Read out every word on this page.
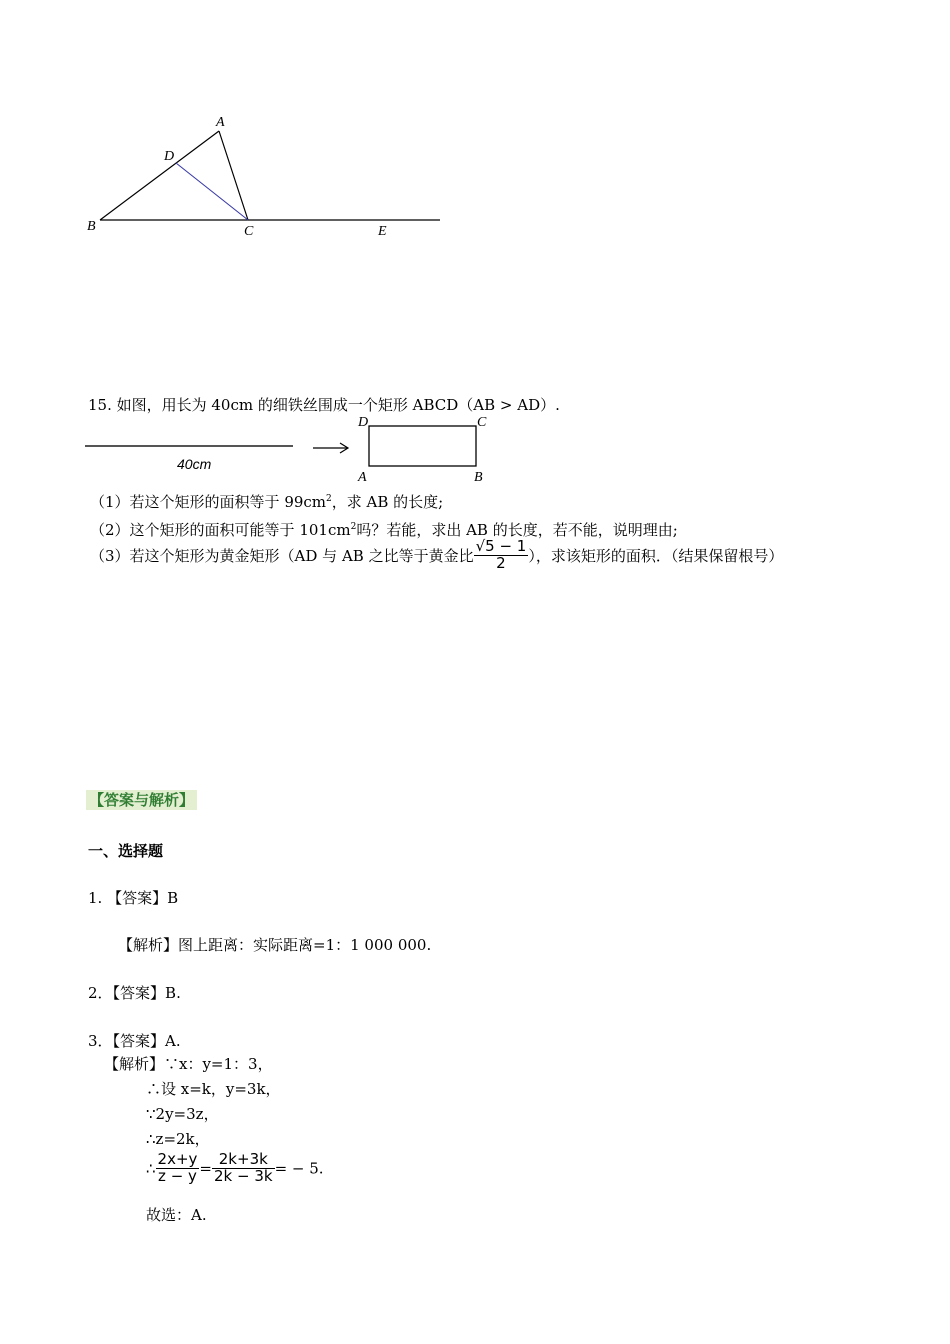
A
D
B	C	E
15. 如图，用长为 40cm 的细铁丝围成一个矩形 ABCD（AB > AD）.
40cm
D	C
A	B
（1）若这个矩形的面积等于 $99cm^2$，求 AB 的长度;
（2）这个矩形的面积可能等于 $101cm^2$吗？若能，求出 AB 的长度，若不能，说明理由;
（3）若这个矩形为黄金矩形（AD 与 AB 之比等于黄金比 $\frac{√5 - 1}{2}$ ），求该矩形的面积．（结果保留根号）
【答案与解析】
一、选择题
1. 【答案】B
【解析】图上距离：实际距离=1：1 000 000.
2．【答案】B.
3．【答案】A.
【解析】∵x：y=1：3，
∴设 x=k，y=3k，
∵2y=3z，
∴z=2k，
∴ $\frac{2x+y}{z - y} = \frac{2k+3k}{2k - 3k}$ = − 5.
故选：A.
